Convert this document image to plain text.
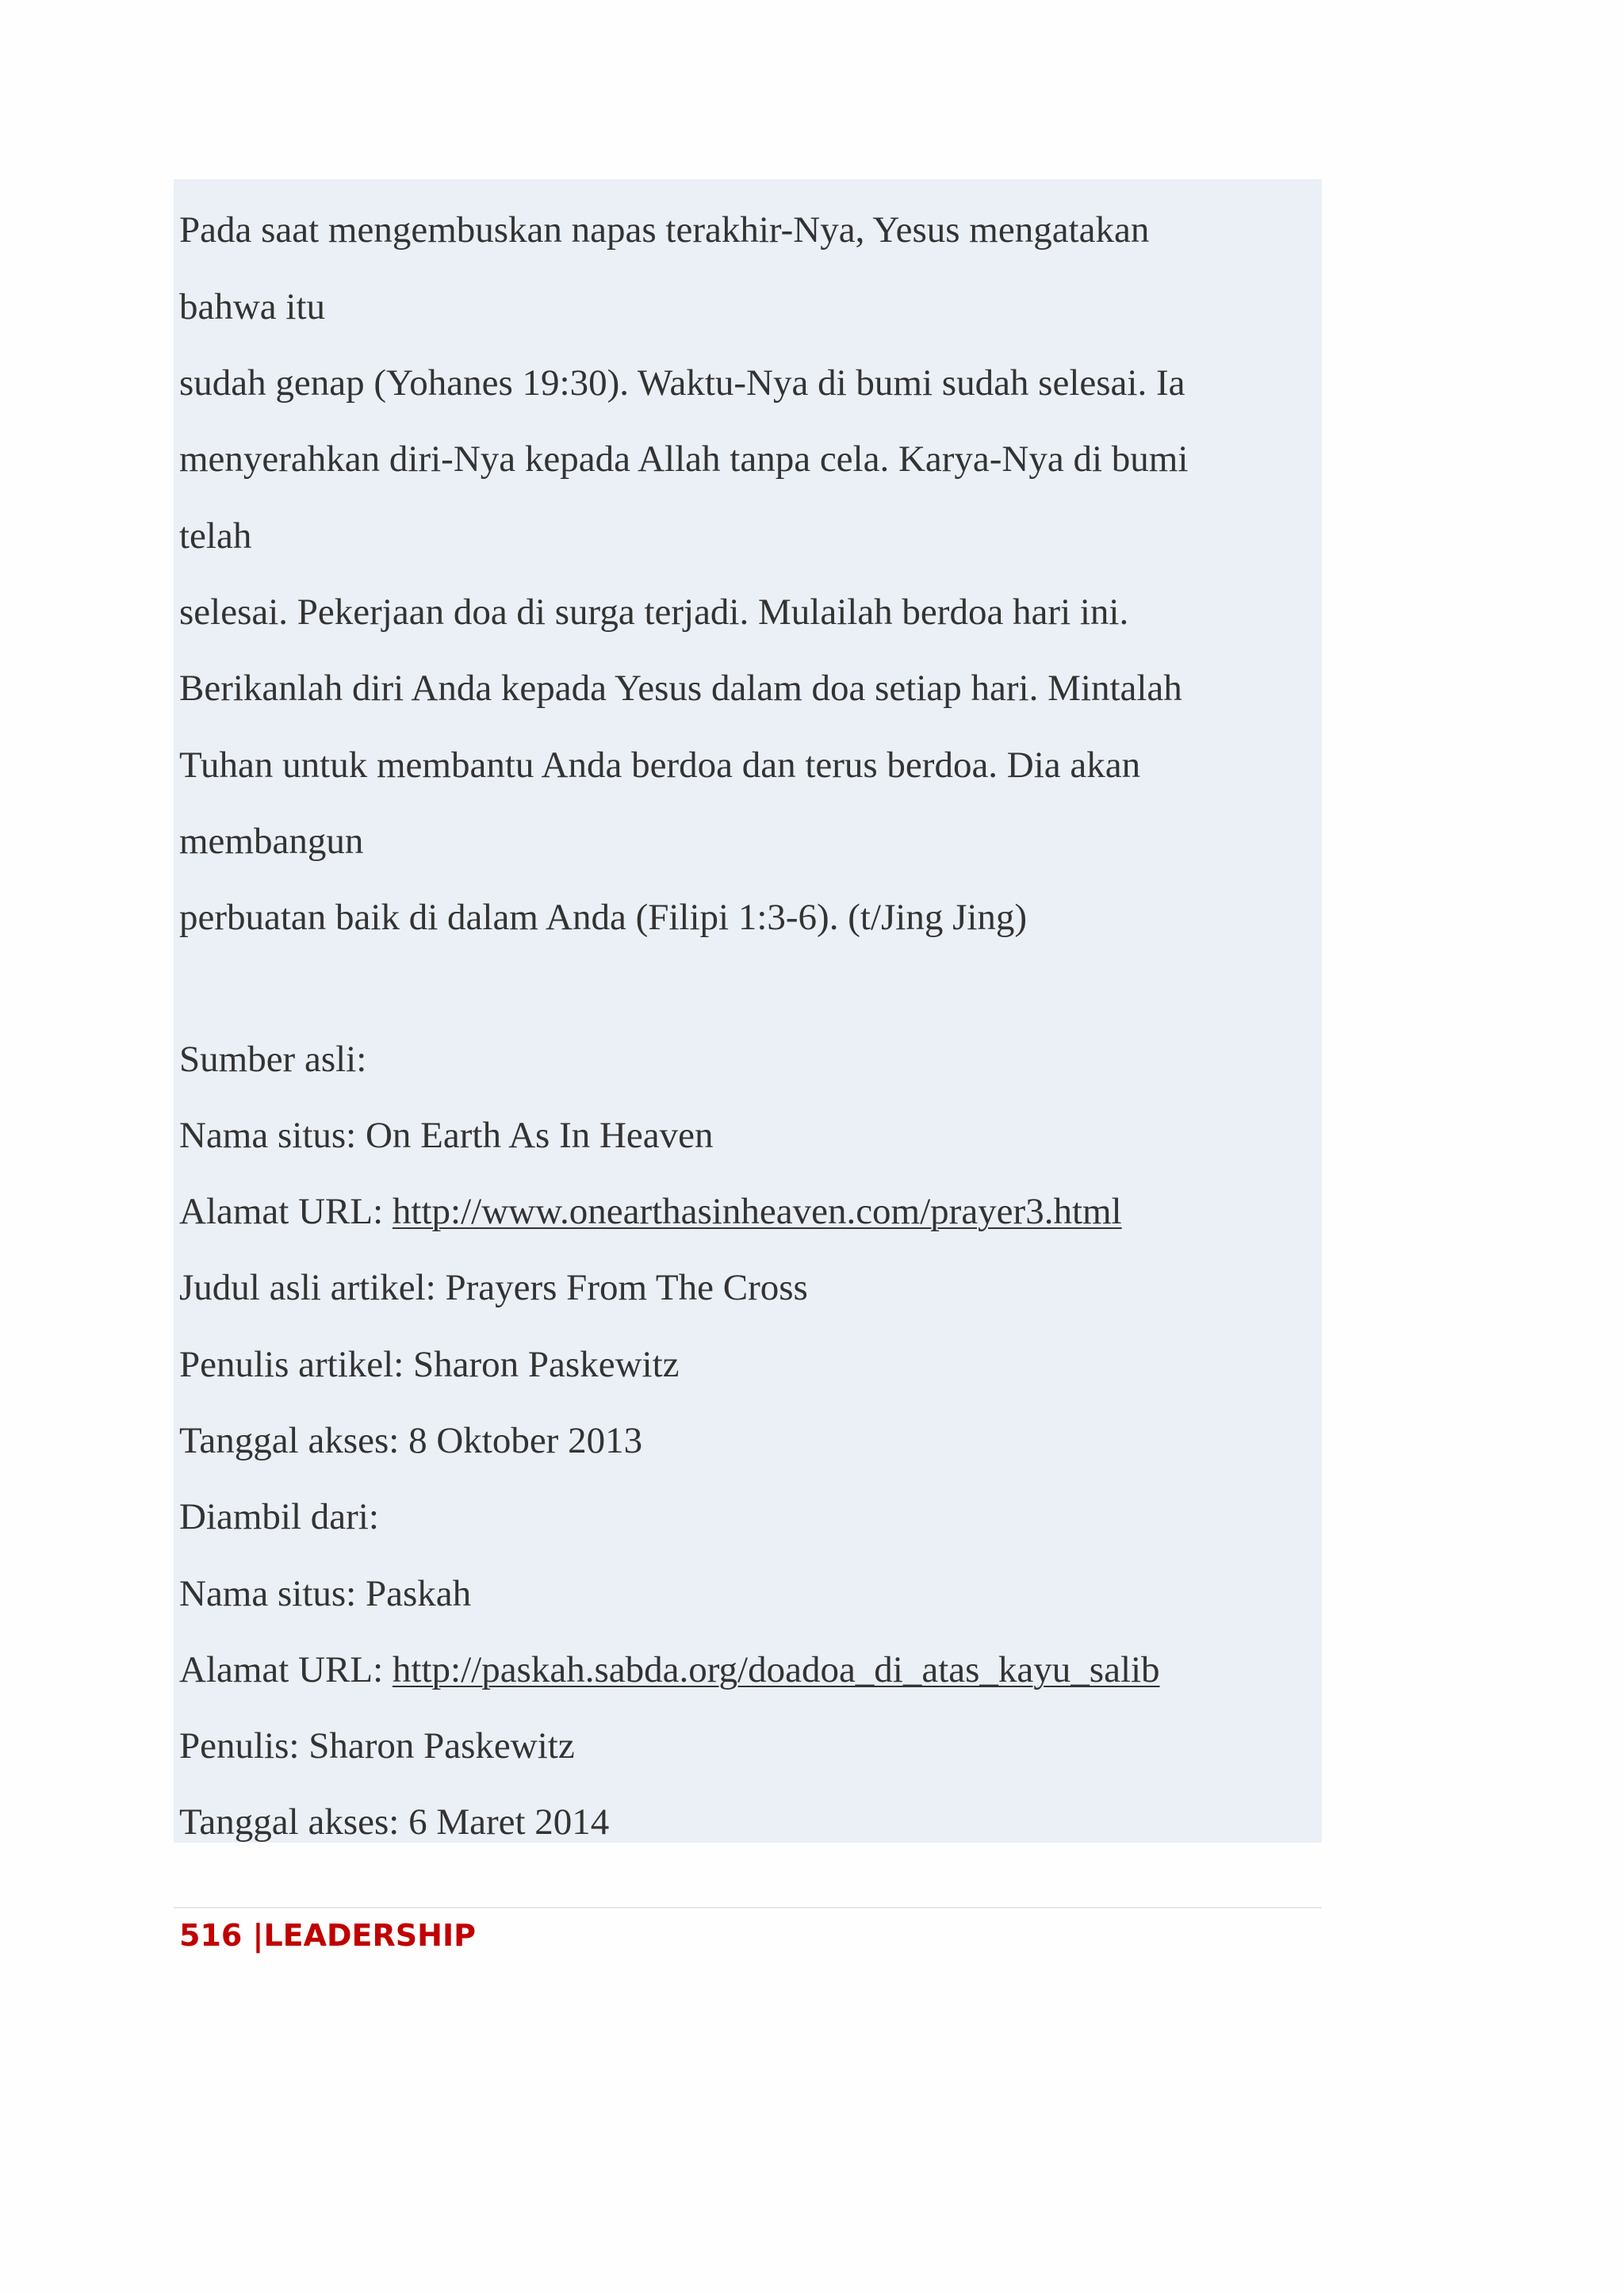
Pada saat mengembuskan napas terakhir-Nya, Yesus mengatakan
bahwa itu
sudah genap (Yohanes 19:30). Waktu-Nya di bumi sudah selesai. Ia
menyerahkan diri-Nya kepada Allah tanpa cela. Karya-Nya di bumi
telah
selesai. Pekerjaan doa di surga terjadi. Mulailah berdoa hari ini.
Berikanlah diri Anda kepada Yesus dalam doa setiap hari. Mintalah
Tuhan untuk membantu Anda berdoa dan terus berdoa. Dia akan
membangun
perbuatan baik di dalam Anda (Filipi 1:3-6). (t/Jing Jing)
Sumber asli:
Nama situs: On Earth As In Heaven
Alamat URL: http://www.onearthasinheaven.com/prayer3.html
Judul asli artikel: Prayers From The Cross
Penulis artikel: Sharon Paskewitz
Tanggal akses: 8 Oktober 2013
Diambil dari:
Nama situs: Paskah
Alamat URL: http://paskah.sabda.org/doadoa_di_atas_kayu_salib
Penulis: Sharon Paskewitz
Tanggal akses: 6 Maret 2014
516 |LEADERSHIP
